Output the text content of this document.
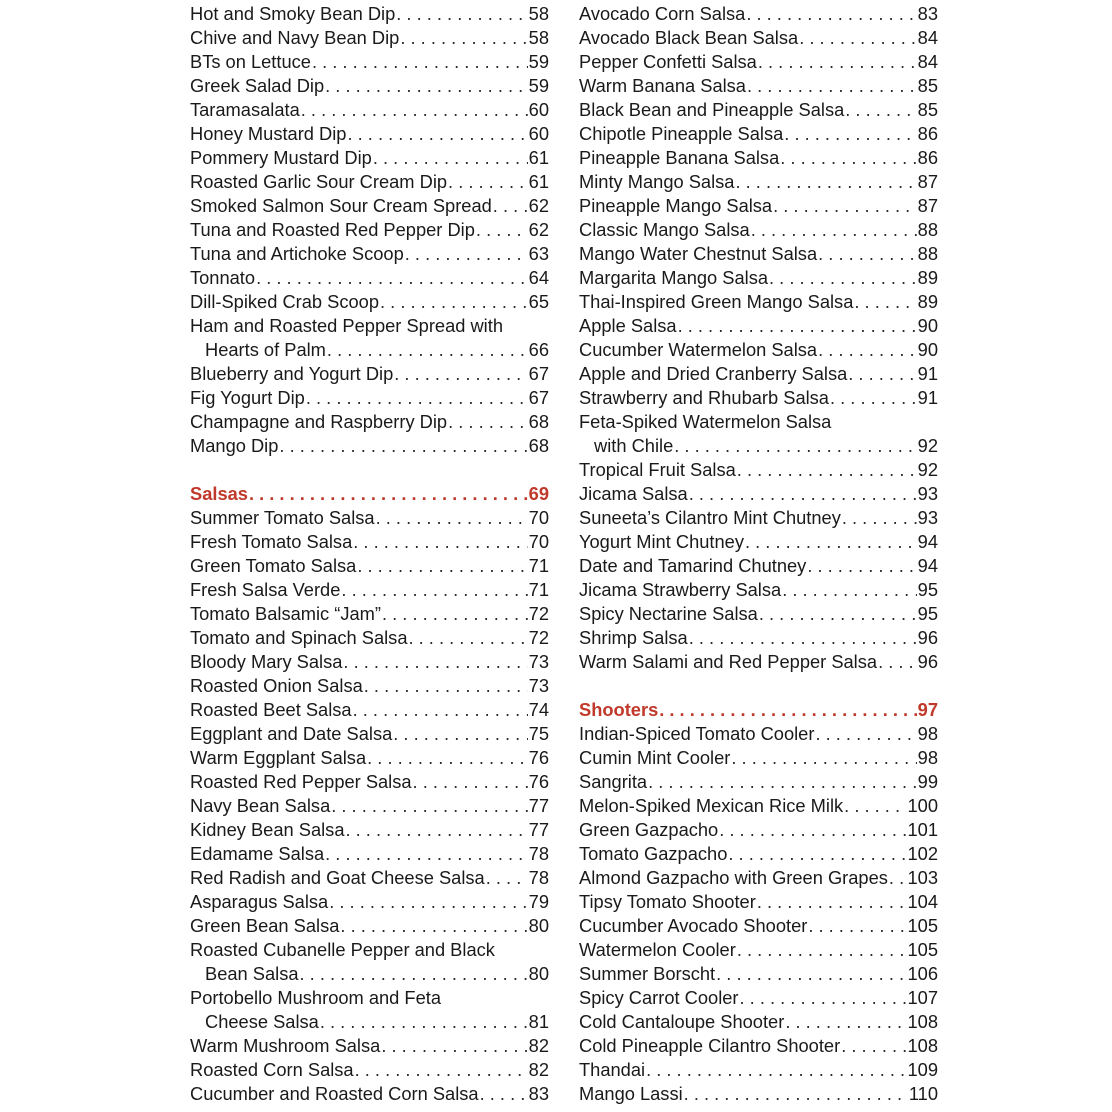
Hot and Smoky Bean Dip . . .	58
Chive and Navy Bean Dip . . .	58
BTs on Lettuce . . .	59
Greek Salad Dip . . .	59
Taramasalata . . .	60
Honey Mustard Dip . . .	60
Pommery Mustard Dip . . .	61
Roasted Garlic Sour Cream Dip . . .	61
Smoked Salmon Sour Cream Spread . . . 62
Tuna and Roasted Red Pepper Dip . . .	62
Tuna and Artichoke Scoop . . .	63
Tonnato . . .	64
Dill-Spiked Crab Scoop . . .	65
Ham and Roasted Pepper Spread with
Hearts of Palm . . .	66
Blueberry and Yogurt Dip . . .	67
Fig Yogurt Dip . . .	67
Champagne and Raspberry Dip . . .	68
Mango Dip . . .	68
Salsas . . .	69
Summer Tomato Salsa . . .	70
Fresh Tomato Salsa . . .	70
Green Tomato Salsa . . .	71
Fresh Salsa Verde . . .	71
Tomato Balsamic “Jam” . . .	72
Tomato and Spinach Salsa . . .	72
Bloody Mary Salsa . . .	73
Roasted Onion Salsa . . .	73
Roasted Beet Salsa . . .	74
Eggplant and Date Salsa . . .	75
Warm Eggplant Salsa . . .	76
Roasted Red Pepper Salsa . . .	76
Navy Bean Salsa . . .	77
Kidney Bean Salsa . . .	77
Edamame Salsa . . .	78
Red Radish and Goat Cheese Salsa . . . 78
Asparagus Salsa . . .	79
Green Bean Salsa . . .	80
Roasted Cubanelle Pepper and Black
Bean Salsa . . .	80
Portobello Mushroom and Feta
Cheese Salsa . . .	81
Warm Mushroom Salsa . . .	82
Roasted Corn Salsa . . .	82
Cucumber and Roasted Corn Salsa . . .	83
Avocado Corn Salsa . . .	83
Avocado Black Bean Salsa . . .	84
Pepper Confetti Salsa . . .	84
Warm Banana Salsa . . .	85
Black Bean and Pineapple Salsa . . .	85
Chipotle Pineapple Salsa . . .	86
Pineapple Banana Salsa . . .	86
Minty Mango Salsa . . .	87
Pineapple Mango Salsa . . .	87
Classic Mango Salsa . . .	88
Mango Water Chestnut Salsa . . .	88
Margarita Mango Salsa . . .	89
Thai-Inspired Green Mango Salsa . . .	89
Apple Salsa . . .	90
Cucumber Watermelon Salsa . . .	90
Apple and Dried Cranberry Salsa . . .	91
Strawberry and Rhubarb Salsa . . .	91
Feta-Spiked Watermelon Salsa
with Chile . . .	92
Tropical Fruit Salsa . . .	92
Jicama Salsa . . .	93
Suneeta’s Cilantro Mint Chutney . . .	93
Yogurt Mint Chutney . . .	94
Date and Tamarind Chutney . . .	94
Jicama Strawberry Salsa . . .	95
Spicy Nectarine Salsa . . .	95
Shrimp Salsa . . .	96
Warm Salami and Red Pepper Salsa . . . 96
Shooters . . .	97
Indian-Spiced Tomato Cooler . . .	98
Cumin Mint Cooler . . .	98
Sangrita . . .	99
Melon-Spiked Mexican Rice Milk . . .	100
Green Gazpacho . . .	101
Tomato Gazpacho . . .	102
Almond Gazpacho with Green Grapes . . . 103
Tipsy Tomato Shooter . . .	104
Cucumber Avocado Shooter . . .	105
Watermelon Cooler . . .	105
Summer Borscht . . .	106
Spicy Carrot Cooler . . .	107
Cold Cantaloupe Shooter . . .	108
Cold Pineapple Cilantro Shooter . . .	108
Thandai . . .	109
Mango Lassi . . .	110
